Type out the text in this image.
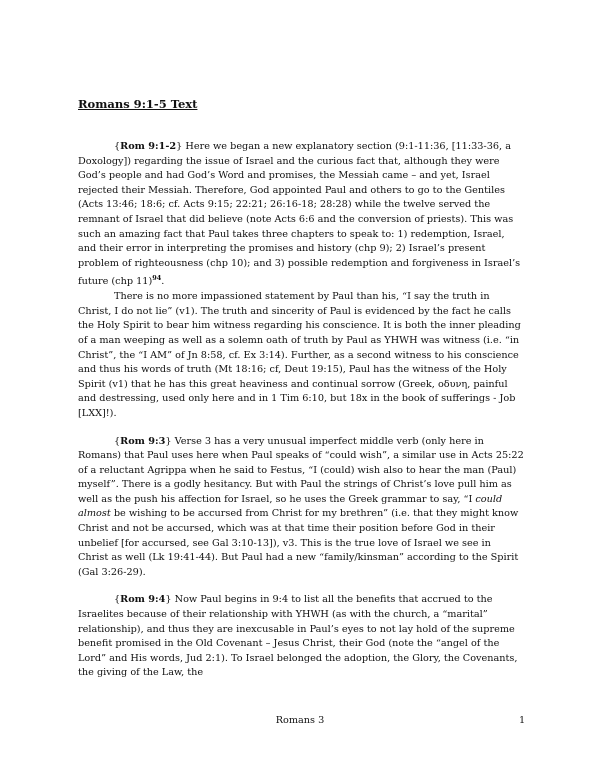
Romans 9:1-5 Text

{Rom 9:1-2} Here we began a new explanatory section (9:1-11:36, [11:33-36, a Doxology]) regarding the issue of Israel and the curious fact that, although they were God’s people and had God’s Word and promises, the Messiah came – and yet, Israel rejected their Messiah. Therefore, God appointed Paul and others to go to the Gentiles (Acts 13:46; 18:6; cf. Acts 9:15; 22:21; 26:16-18; 28:28) while the twelve served the remnant of Israel that did believe (note Acts 6:6 and the conversion of priests). This was such an amazing fact that Paul takes three chapters to speak to: 1) redemption, Israel, and their error in interpreting the promises and history (chp 9); 2) Israel’s present problem of righteousness (chp 10); and 3) possible redemption and forgiveness in Israel’s future (chp 11)$^{94}$.

There is no more impassioned statement by Paul than his, “I say the truth in Christ, I do not lie” (v1). The truth and sincerity of Paul is evidenced by the fact he calls the Holy Spirit to bear him witness regarding his conscience. It is both the inner pleading of a man weeping as well as a solemn oath of truth by Paul as YHWH was witness (i.e. “in Christ”, the “I AM” of Jn 8:58, cf. Ex 3:14). Further, as a second witness to his conscience and thus his words of truth (Mt 18:16; cf, Deut 19:15), Paul has the witness of the Holy Spirit (v1) that he has this great heaviness and continual sorrow (Greek, οδυνη, painful and destressing, used only here and in 1 Tim 6:10, but 18x in the book of sufferings - Job [LXX]!).

{Rom 9:3} Verse 3 has a very unusual imperfect middle verb (only here in Romans) that Paul uses here when Paul speaks of “could wish”, a similar use in Acts 25:22 of a reluctant Agrippa when he said to Festus, “I (could) wish also to hear the man (Paul) myself”. There is a godly hesitancy. But with Paul the strings of Christ’s love pull him as well as the push his affection for Israel, so he uses the Greek grammar to say, “I could almost be wishing to be accursed from Christ for my brethren” (i.e. that they might know Christ and not be accursed, which was at that time their position before God in their unbelief [for accursed, see Gal 3:10-13]), v3. This is the true love of Israel we see in Christ as well (Lk 19:41-44). But Paul had a new “family/kinsman” according to the Spirit (Gal 3:26-29).

{Rom 9:4} Now Paul begins in 9:4 to list all the benefits that accrued to the Israelites because of their relationship with YHWH (as with the church, a “marital” relationship), and thus they are inexcusable in Paul’s eyes to not lay hold of the supreme benefit promised in the Old Covenant – Jesus Christ, their God (note the “angel of the Lord” and His words, Jud 2:1). To Israel belonged the adoption, the Glory, the Covenants, the giving of the Law, the

Romans 3	1
